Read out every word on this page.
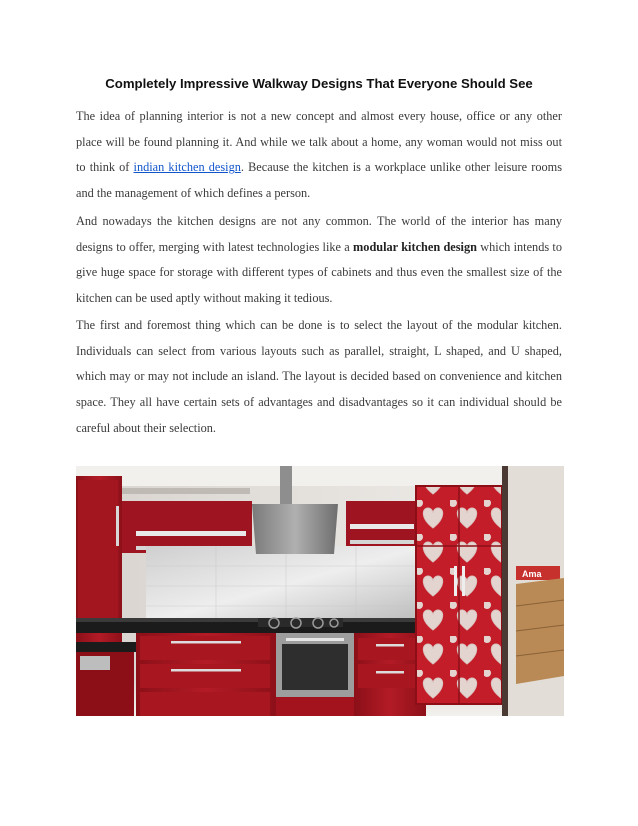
Completely Impressive Walkway Designs That Everyone Should See

The idea of planning interior is not a new concept and almost every house, office or any other place will be found planning it. And while we talk about a home, any woman would not miss out to think of indian kitchen design. Because the kitchen is a workplace unlike other leisure rooms and the management of which defines a person.

And nowadays the kitchen designs are not any common. The world of the interior has many designs to offer, merging with latest technologies like a modular kitchen design which intends to give huge space for storage with different types of cabinets and thus even the smallest size of the kitchen can be used aptly without making it tedious.

The first and foremost thing which can be done is to select the layout of the modular kitchen. Individuals can select from various layouts such as parallel, straight, L shaped, and U shaped, which may or may not include an island. The layout is decided based on convenience and kitchen space. They all have certain sets of advantages and disadvantages so it can individual should be careful about their selection.

Ama
